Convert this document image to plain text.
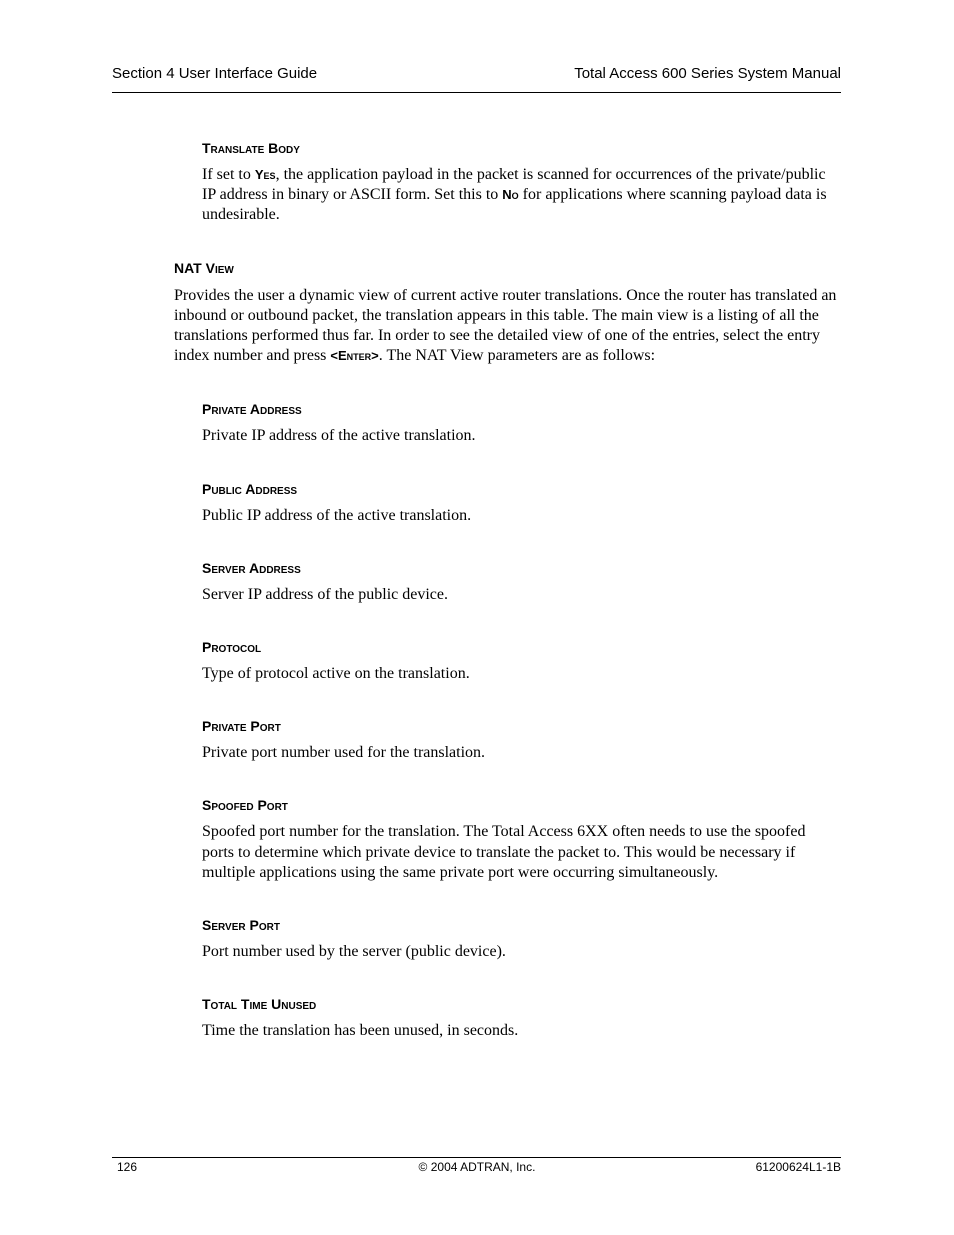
Section 4 User Interface Guide	Total Access 600 Series System Manual
Translate Body

If set to Yes, the application payload in the packet is scanned for occurrences of the private/public IP address in binary or ASCII form. Set this to No for applications where scanning payload data is undesirable.

NAT View

Provides the user a dynamic view of current active router translations. Once the router has translated an inbound or outbound packet, the translation appears in this table. The main view is a listing of all the translations performed thus far. In order to see the detailed view of one of the entries, select the entry index number and press <Enter>. The NAT View parameters are as follows:

Private Address

Private IP address of the active translation.

Public Address

Public IP address of the active translation.

Server Address

Server IP address of the public device.

Protocol

Type of protocol active on the translation.

Private Port

Private port number used for the translation.

Spoofed Port

Spoofed port number for the translation. The Total Access 6XX often needs to use the spoofed ports to determine which private device to translate the packet to. This would be necessary if multiple applications using the same private port were occurring simultaneously.

Server Port

Port number used by the server (public device).

Total Time Unused

Time the translation has been unused, in seconds.

126	© 2004 ADTRAN, Inc.	61200624L1-1B
